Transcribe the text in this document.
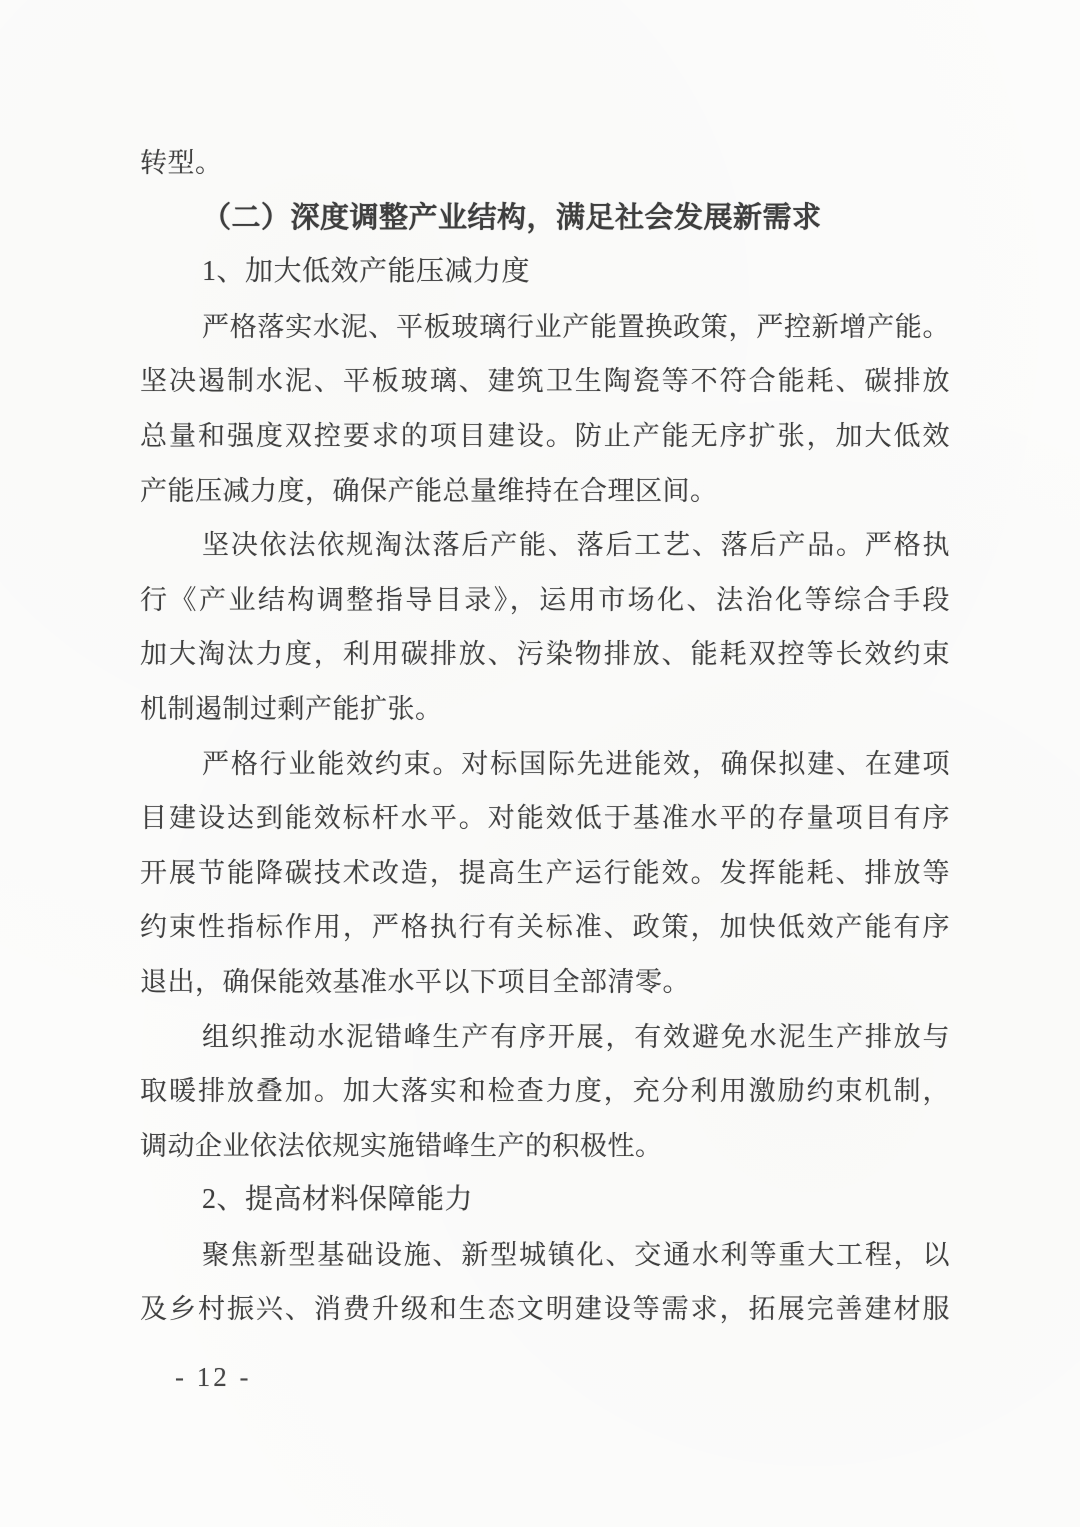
转型。
（二）深度调整产业结构，满足社会发展新需求
1、加大低效产能压减力度
严格落实水泥、平板玻璃行业产能置换政策，严控新增产能。
坚决遏制水泥、平板玻璃、建筑卫生陶瓷等不符合能耗、碳排放
总量和强度双控要求的项目建设。防止产能无序扩张，加大低效
产能压减力度，确保产能总量维持在合理区间。
坚决依法依规淘汰落后产能、落后工艺、落后产品。严格执
行《产业结构调整指导目录》，运用市场化、法治化等综合手段
加大淘汰力度，利用碳排放、污染物排放、能耗双控等长效约束
机制遏制过剩产能扩张。
严格行业能效约束。对标国际先进能效，确保拟建、在建项
目建设达到能效标杆水平。对能效低于基准水平的存量项目有序
开展节能降碳技术改造，提高生产运行能效。发挥能耗、排放等
约束性指标作用，严格执行有关标准、政策，加快低效产能有序
退出，确保能效基准水平以下项目全部清零。
组织推动水泥错峰生产有序开展，有效避免水泥生产排放与
取暖排放叠加。加大落实和检查力度，充分利用激励约束机制，
调动企业依法依规实施错峰生产的积极性。
2、提高材料保障能力
聚焦新型基础设施、新型城镇化、交通水利等重大工程，以
及乡村振兴、消费升级和生态文明建设等需求，拓展完善建材服
- 12 -
